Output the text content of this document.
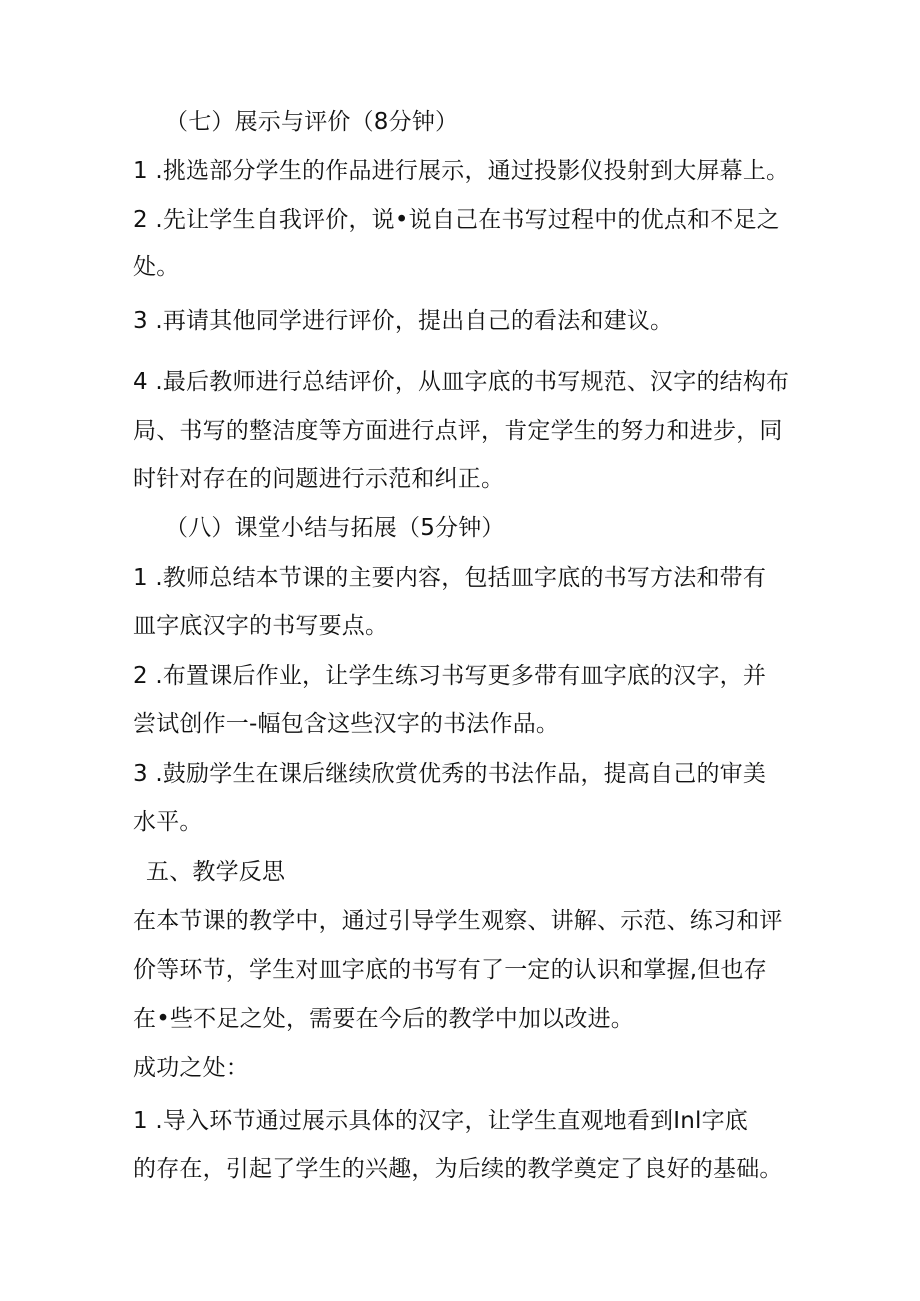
（七）展示与评价（8分钟）
1 .挑选部分学生的作品进行展示，通过投影仪投射到大屏幕上。
2 .先让学生自我评价，说•说自己在书写过程中的优点和不足之
处。
3 .再请其他同学进行评价，提出自己的看法和建议。
4 .最后教师进行总结评价，从皿字底的书写规范、汉字的结构布
局、书写的整洁度等方面进行点评，肯定学生的努力和进步，同
时针对存在的问题进行示范和纠正。
（八）课堂小结与拓展（5分钟）
1 .教师总结本节课的主要内容，包括皿字底的书写方法和带有
皿字底汉字的书写要点。
2 .布置课后作业，让学生练习书写更多带有皿字底的汉字，并
尝试创作一-幅包含这些汉字的书法作品。
3 .鼓励学生在课后继续欣赏优秀的书法作品，提高自己的审美
水平。
五、教学反思
在本节课的教学中，通过引导学生观察、讲解、示范、练习和评
价等环节，学生对皿字底的书写有了一定的认识和掌握,但也存
在•些不足之处，需要在今后的教学中加以改进。
成功之处：
1 .导入环节通过展示具体的汉字，让学生直观地看到Inl字底
的存在，引起了学生的兴趣，为后续的教学奠定了良好的基础。
